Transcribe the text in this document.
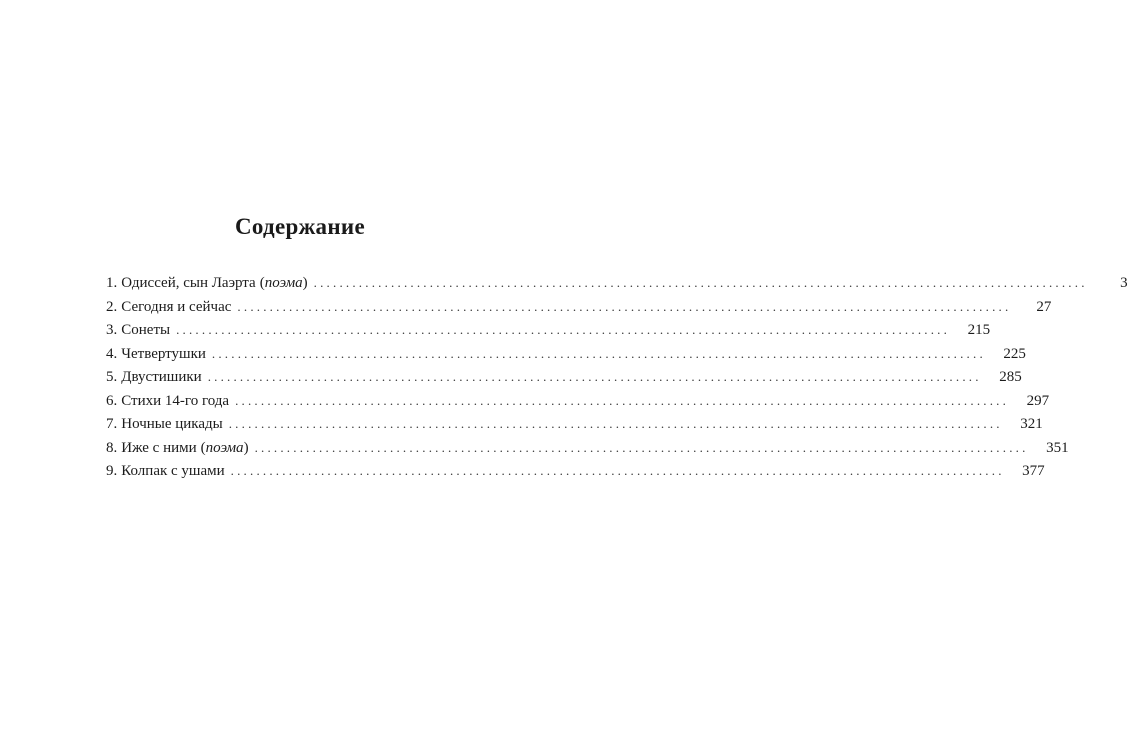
Содержание
1. Одиссей, сын Лаэрта (поэма) ........................................................................................................................	3
2. Сегодня и сейчас ........................................................................................................................	27
3. Сонеты ........................................................................................................................	215
4. Четвертушки ........................................................................................................................	225
5. Двустишики ........................................................................................................................	285
6. Стихи 14-го года ........................................................................................................................	297
7. Ночные цикады ........................................................................................................................	321
8. Иже с ними (поэма) ........................................................................................................................	351
9. Колпак с ушами ........................................................................................................................	377
